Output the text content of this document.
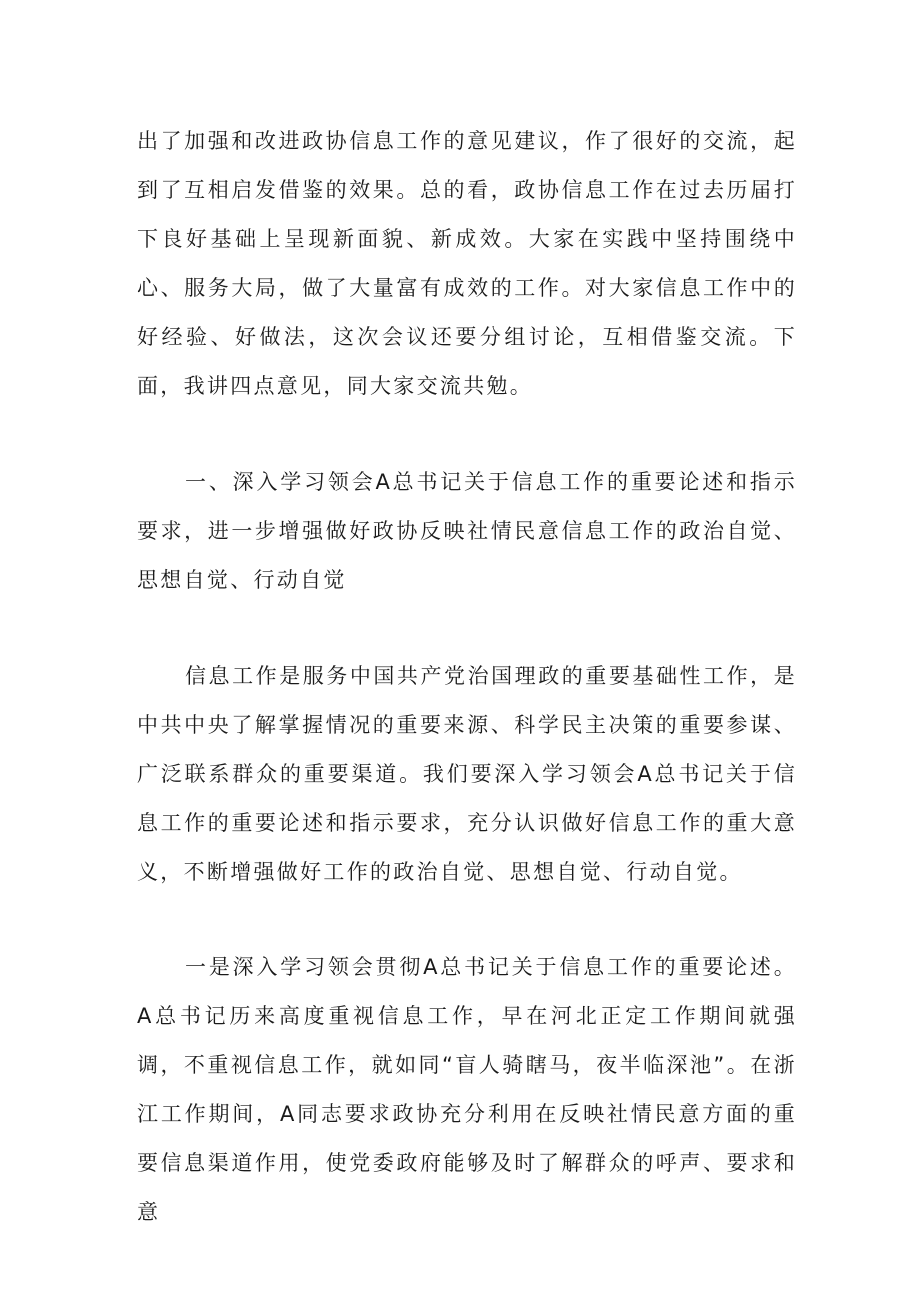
出了加强和改进政协信息工作的意见建议，作了很好的交流，起到了互相启发借鉴的效果。总的看，政协信息工作在过去历届打下良好基础上呈现新面貌、新成效。大家在实践中坚持围绕中心、服务大局，做了大量富有成效的工作。对大家信息工作中的好经验、好做法，这次会议还要分组讨论，互相借鉴交流。下面，我讲四点意见，同大家交流共勉。

一、深入学习领会A总书记关于信息工作的重要论述和指示要求，进一步增强做好政协反映社情民意信息工作的政治自觉、思想自觉、行动自觉

信息工作是服务中国共产党治国理政的重要基础性工作，是中共中央了解掌握情况的重要来源、科学民主决策的重要参谋、广泛联系群众的重要渠道。我们要深入学习领会A总书记关于信息工作的重要论述和指示要求，充分认识做好信息工作的重大意义，不断增强做好工作的政治自觉、思想自觉、行动自觉。

一是深入学习领会贯彻A总书记关于信息工作的重要论述。A总书记历来高度重视信息工作，早在河北正定工作期间就强调，不重视信息工作，就如同“盲人骑瞎马，夜半临深池”。在浙江工作期间，A同志要求政协充分利用在反映社情民意方面的重要信息渠道作用，使党委政府能够及时了解群众的呼声、要求和意
